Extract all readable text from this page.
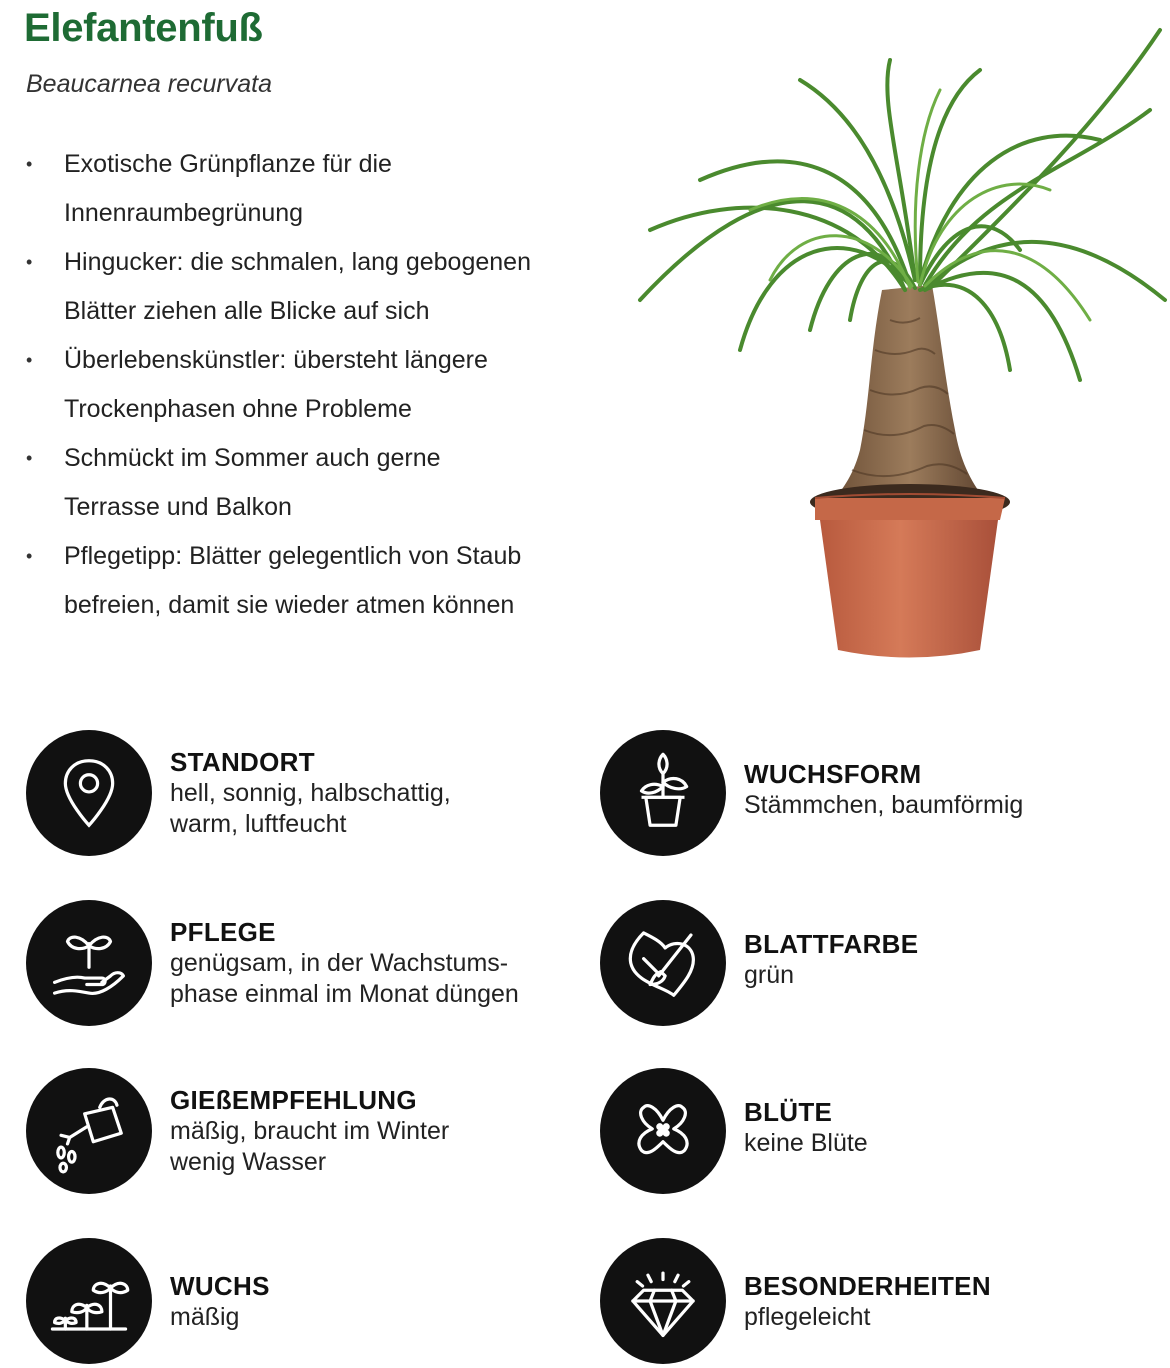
Elefantenfuß

Beaucarnea recurvata

• Exotische Grünpflanze für die
Innenraumbegrünung
• Hingucker: die schmalen, lang gebogenen
Blätter ziehen alle Blicke auf sich
• Überlebenskünstler: übersteht längere
Trockenphasen ohne Probleme
• Schmückt im Sommer auch gerne
Terrasse und Balkon
• Pflegetipp: Blätter gelegentlich von Staub
befreien, damit sie wieder atmen können
STANDORT
hell, sonnig, halbschattig,
warm, luftfeucht
WUCHSFORM
Stämmchen, baumförmig
PFLEGE
genügsam, in der Wachstums-
phase einmal im Monat düngen
BLATTFARBE
grün
GIEßEMPFEHLUNG
mäßig, braucht im Winter
wenig Wasser
BLÜTE
keine Blüte
WUCHS
mäßig
BESONDERHEITEN
pflegeleicht
